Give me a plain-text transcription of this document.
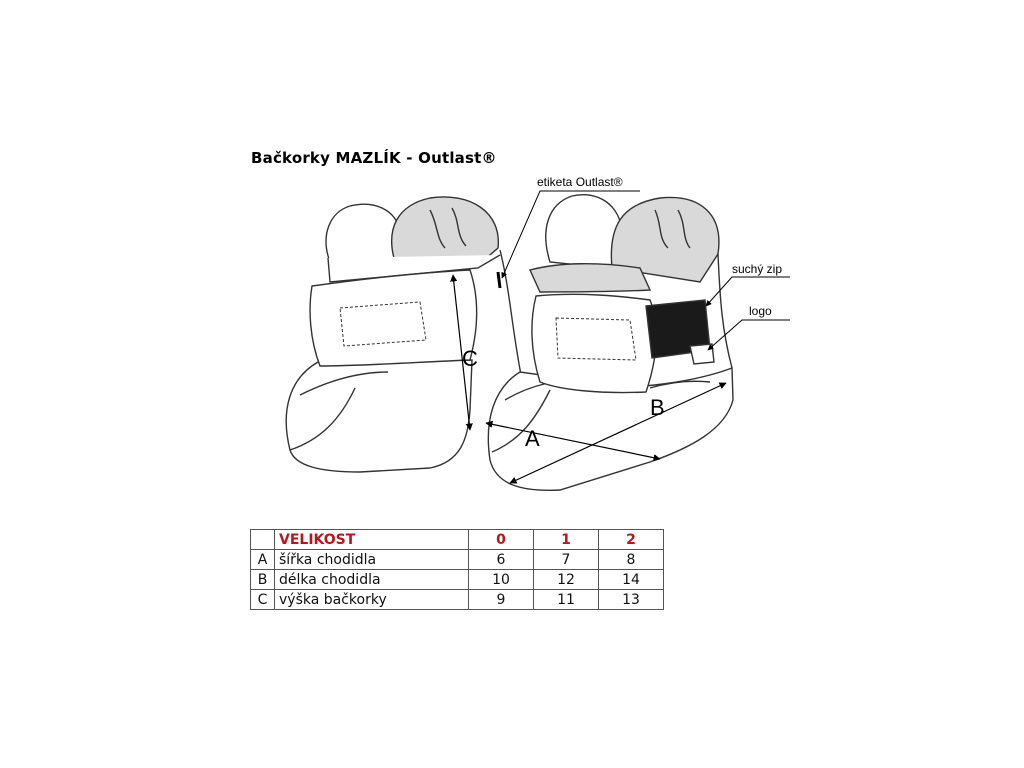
Bačkorky MAZLÍK - Outlast®
etiketa Outlast®
suchý zip
logo
C
A
B
	VELIKOST	0	1	2
A	šířka chodidla	6	7	8
B	délka chodidla	10	12	14
C	výška bačkorky	9	11	13
